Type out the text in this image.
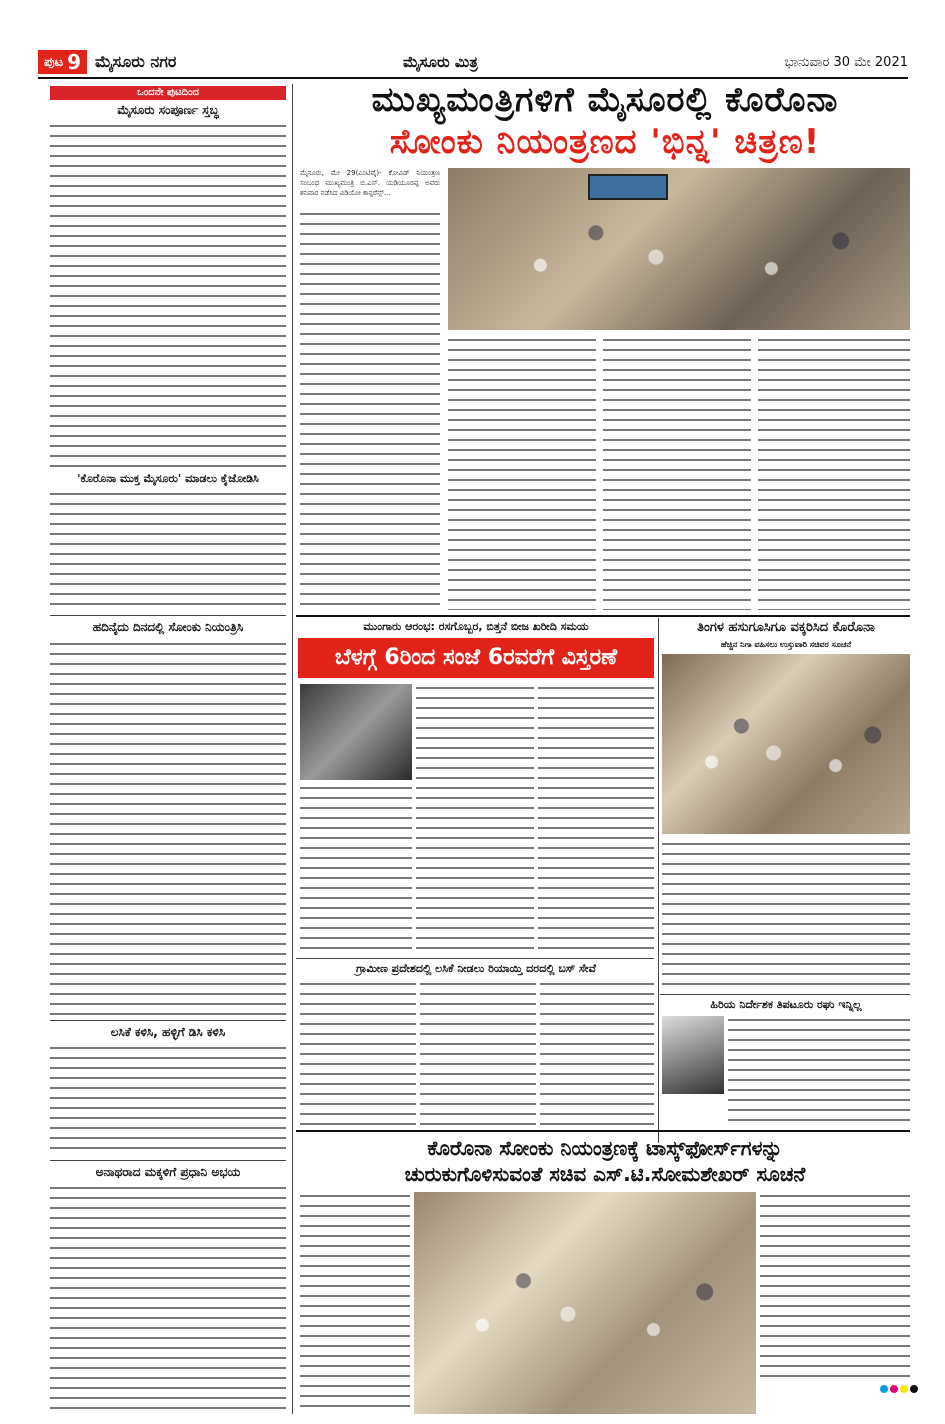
ಪುಟ 9 ಮೈಸೂರು ನಗರ	ಮೈಸೂರು ಮಿತ್ರ	ಭಾನುವಾರ 30 ಮೇ 2021
ಒಂದನೇ ಪುಟದಿಂದ
ಮೈಸೂರು ಸಂಪೂರ್ಣ ಸ್ತಬ್ಧ
'ಕೊರೊನಾ ಮುಕ್ತ ಮೈಸೂರು' ಮಾಡಲು ಕೈಜೋಡಿಸಿ
ಹದಿನೈದು ದಿನದಲ್ಲಿ ಸೋಂಕು ನಿಯಂತ್ರಿಸಿ
ಲಸಿಕೆ ಕಳಿಸಿ, ಹಳ್ಳಿಗೆ ಡಿಸಿ ಕಳಿಸಿ
ಅನಾಥರಾದ ಮಕ್ಕಳಿಗೆ ಪ್ರಧಾನಿ ಅಭಯ
ಮುಖ್ಯಮಂತ್ರಿಗಳಿಗೆ ಮೈಸೂರಲ್ಲಿ ಕೊರೊನಾ
ಸೋಂಕು ನಿಯಂತ್ರಣದ 'ಭಿನ್ನ' ಚಿತ್ರಣ!
ಮೈಸೂರು, ಮೇ 29(ಎಂಟಿವೈ)- ಕೋವಿಡ್ ನಿಯಂತ್ರಣ ಸಂಬಂಧ ಮುಖ್ಯಮಂತ್ರಿ ಬಿ.ಎಸ್. ಯಡಿಯೂರಪ್ಪ ಅವರು ಶನಿವಾರ ನಡೆಸಿದ ವಿಡಿಯೋ ಕಾನ್ಫರೆನ್ಸ್...
ಮುಂಗಾರು ಆರಂಭ: ರಸಗೊಬ್ಬರ, ಬಿತ್ತನೆ ಬೀಜ ಖರೀದಿ ಸಮಯ
ಬೆಳಗ್ಗೆ 6ರಿಂದ ಸಂಜೆ 6ರವರೆಗೆ ವಿಸ್ತರಣೆ
ತಿಂಗಳ ಹಸುಗೂಸಿಗೂ ವಕ್ಕರಿಸಿದ ಕೊರೊನಾ
ಹೆಚ್ಚಿನ ನಿಗಾ ವಹಿಸಲು ಉಸ್ತುವಾರಿ ಸಚಿವರ ಸೂಚನೆ
ಗ್ರಾಮೀಣ ಪ್ರದೇಶದಲ್ಲಿ ಲಸಿಕೆ ನೀಡಲು ರಿಯಾಯ್ತಿ ದರದಲ್ಲಿ ಬಸ್ ಸೇವೆ
ಹಿರಿಯ ನಿರ್ದೇಶಕ ತಿಪಟೂರು ರಘು ಇನ್ನಿಲ್ಲ
ಕೊರೊನಾ ಸೋಂಕು ನಿಯಂತ್ರಣಕ್ಕೆ ಟಾಸ್ಕ್‌ಫೋರ್ಸ್‌ಗಳನ್ನು
ಚುರುಕುಗೊಳಿಸುವಂತೆ ಸಚಿವ ಎಸ್.ಟಿ.ಸೋಮಶೇಖರ್ ಸೂಚನೆ
